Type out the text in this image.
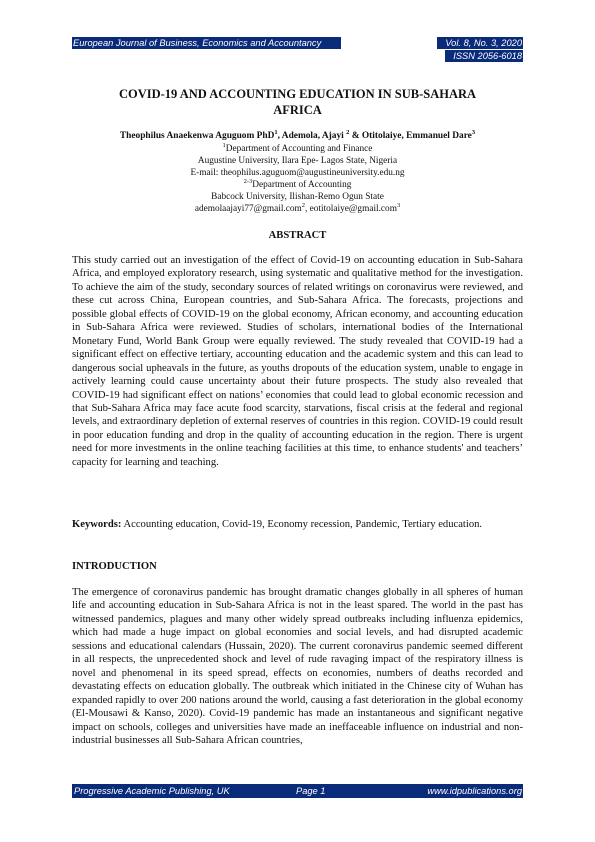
European Journal of Business, Economics and Accountancy	Vol. 8, No. 3, 2020
ISSN 2056-6018
COVID-19 AND ACCOUNTING EDUCATION IN SUB-SAHARA
AFRICA
Theophilus Anaekenwa Aguguom PhD$^1$, Ademola, Ajayi $^2$ & Otitolaiye, Emmanuel Dare$^3$
$^1$Department of Accounting and Finance
Augustine University, Ilara Epe- Lagos State, Nigeria
E-mail: theophilus.aguguom@augustineuniversity.edu.ng
$^{2-3}$Department of Accounting
Babcock University, Ilishan-Remo Ogun State
ademolaajayi77@gmail.com$^2$, eotitolaiye@gmail.com$^3$
ABSTRACT

This study carried out an investigation of the effect of Covid-19 on accounting education in Sub-Sahara Africa, and employed exploratory research, using systematic and qualitative method for the investigation. To achieve the aim of the study, secondary sources of related writings on coronavirus were reviewed, and these cut across China, European countries, and Sub-Sahara Africa. The forecasts, projections and possible global effects of COVID-19 on the global economy, African economy, and accounting education in Sub-Sahara Africa were reviewed. Studies of scholars, international bodies of the International Monetary Fund, World Bank Group were equally reviewed. The study revealed that COVID-19 had a significant effect on effective tertiary, accounting education and the academic system and this can lead to dangerous social upheavals in the future, as youths dropouts of the education system, unable to engage in actively learning could cause uncertainty about their future prospects. The study also revealed that COVID-19 had significant effect on nations’ economies that could lead to global economic recession and that Sub-Sahara Africa may face acute food scarcity, starvations, fiscal crisis at the federal and regional levels, and extraordinary depletion of external reserves of countries in this region. COVID-19 could result in poor education funding and drop in the quality of accounting education in the region. There is urgent need for more investments in the online teaching facilities at this time, to enhance students' and teachers’ capacity for learning and teaching.

Keywords: Accounting education, Covid-19, Economy recession, Pandemic, Tertiary education.

INTRODUCTION

The emergence of coronavirus pandemic has brought dramatic changes globally in all spheres of human life and accounting education in Sub-Sahara Africa is not in the least spared. The world in the past has witnessed pandemics, plagues and many other widely spread outbreaks including influenza epidemics, which had made a huge impact on global economies and social levels, and had disrupted academic sessions and educational calendars (Hussain, 2020). The current coronavirus pandemic seemed different in all respects, the unprecedented shock and level of rude ravaging impact of the respiratory illness is novel and phenomenal in its speed spread, effects on economies, numbers of deaths recorded and devastating effects on education globally. The outbreak which initiated in the Chinese city of Wuhan has expanded rapidly to over 200 nations around the world, causing a fast deterioration in the global economy (El-Mousawi & Kanso, 2020). Covid-19 pandemic has made an instantaneous and significant negative impact on schools, colleges and universities have made an ineffaceable influence on industrial and non-industrial businesses all Sub-Sahara African countries,

Progressive Academic Publishing, UK	Page 1	www.idpublications.org
